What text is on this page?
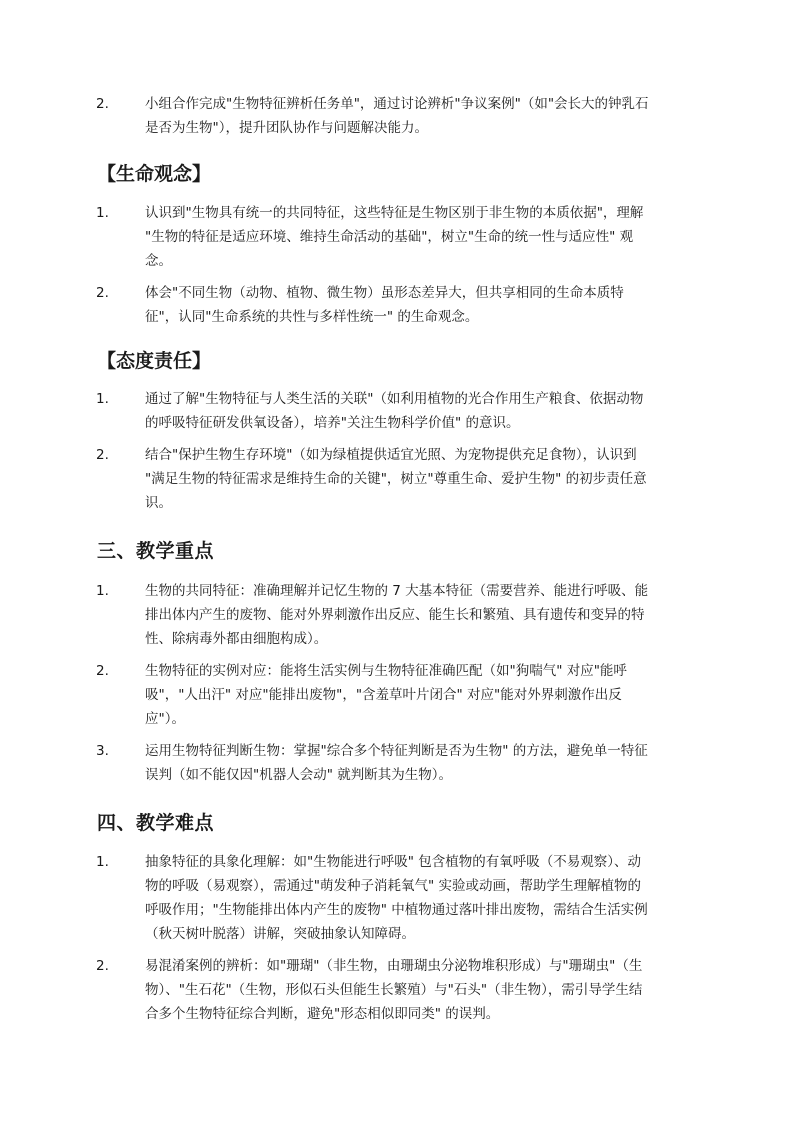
2.	小组合作完成"生物特征辨析任务单"，通过讨论辨析"争议案例"（如"会长大的钟乳石
是否为生物"），提升团队协作与问题解决能力。
【生命观念】
1.	认识到"生物具有统一的共同特征，这些特征是生物区别于非生物的本质依据"，理解
"生物的特征是适应环境、维持生命活动的基础"，树立"生命的统一性与适应性" 观
念。
2.	体会"不同生物（动物、植物、微生物）虽形态差异大，但共享相同的生命本质特
征"，认同"生命系统的共性与多样性统一" 的生命观念。
【态度责任】
1.	通过了解"生物特征与人类生活的关联"（如利用植物的光合作用生产粮食、依据动物
的呼吸特征研发供氧设备），培养"关注生物科学价值" 的意识。
2.	结合"保护生物生存环境"（如为绿植提供适宜光照、为宠物提供充足食物），认识到
"满足生物的特征需求是维持生命的关键"，树立"尊重生命、爱护生物" 的初步责任意
识。
三、教学重点
1.	生物的共同特征：准确理解并记忆生物的 7 大基本特征（需要营养、能进行呼吸、能
排出体内产生的废物、能对外界刺激作出反应、能生长和繁殖、具有遗传和变异的特
性、除病毒外都由细胞构成）。
2.	生物特征的实例对应：能将生活实例与生物特征准确匹配（如"狗喘气" 对应"能呼
吸"，"人出汗" 对应"能排出废物"，"含羞草叶片闭合" 对应"能对外界刺激作出反
应"）。
3.	运用生物特征判断生物：掌握"综合多个特征判断是否为生物" 的方法，避免单一特征
误判（如不能仅因"机器人会动" 就判断其为生物）。
四、教学难点
1.	抽象特征的具象化理解：如"生物能进行呼吸" 包含植物的有氧呼吸（不易观察）、动
物的呼吸（易观察），需通过"萌发种子消耗氧气" 实验或动画，帮助学生理解植物的
呼吸作用；"生物能排出体内产生的废物" 中植物通过落叶排出废物，需结合生活实例
（秋天树叶脱落）讲解，突破抽象认知障碍。
2.	易混淆案例的辨析：如"珊瑚"（非生物，由珊瑚虫分泌物堆积形成）与"珊瑚虫"（生
物）、"生石花"（生物，形似石头但能生长繁殖）与"石头"（非生物），需引导学生结
合多个生物特征综合判断，避免"形态相似即同类" 的误判。
